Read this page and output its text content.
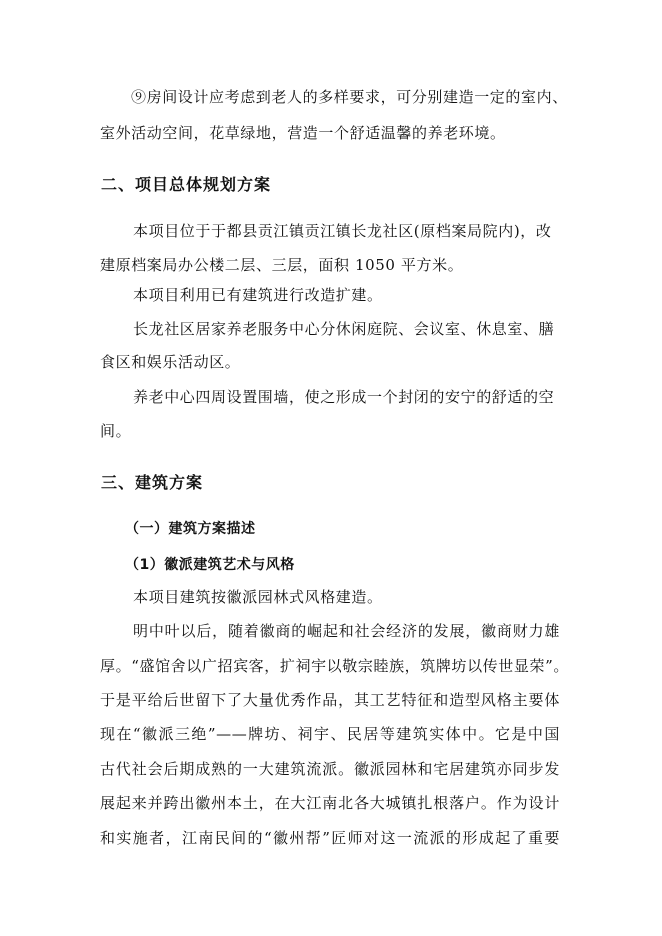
⑨房间设计应考虑到老人的多样要求，可分别建造一定的室内、
室外活动空间，花草绿地，营造一个舒适温馨的养老环境。
二、项目总体规划方案
本项目位于于都县贡江镇贡江镇长龙社区(原档案局院内)，改
建原档案局办公楼二层、三层，面积 1050 平方米。
本项目利用已有建筑进行改造扩建。
长龙社区居家养老服务中心分休闲庭院、会议室、休息室、膳
食区和娱乐活动区。
养老中心四周设置围墙，使之形成一个封闭的安宁的舒适的空
间。
三、建筑方案
（一）建筑方案描述
（1）徽派建筑艺术与风格
本项目建筑按徽派园林式风格建造。
明中叶以后，随着徽商的崛起和社会经济的发展，徽商财力雄
厚。“盛馆舍以广招宾客，扩祠宇以敬宗睦族，筑牌坊以传世显荣”。
于是平给后世留下了大量优秀作品，其工艺特征和造型风格主要体
现在“徽派三绝”——牌坊、祠宇、民居等建筑实体中。它是中国
古代社会后期成熟的一大建筑流派。徽派园林和宅居建筑亦同步发
展起来并跨出徽州本土，在大江南北各大城镇扎根落户。作为设计
和实施者，江南民间的“徽州帮”匠师对这一流派的形成起了重要
